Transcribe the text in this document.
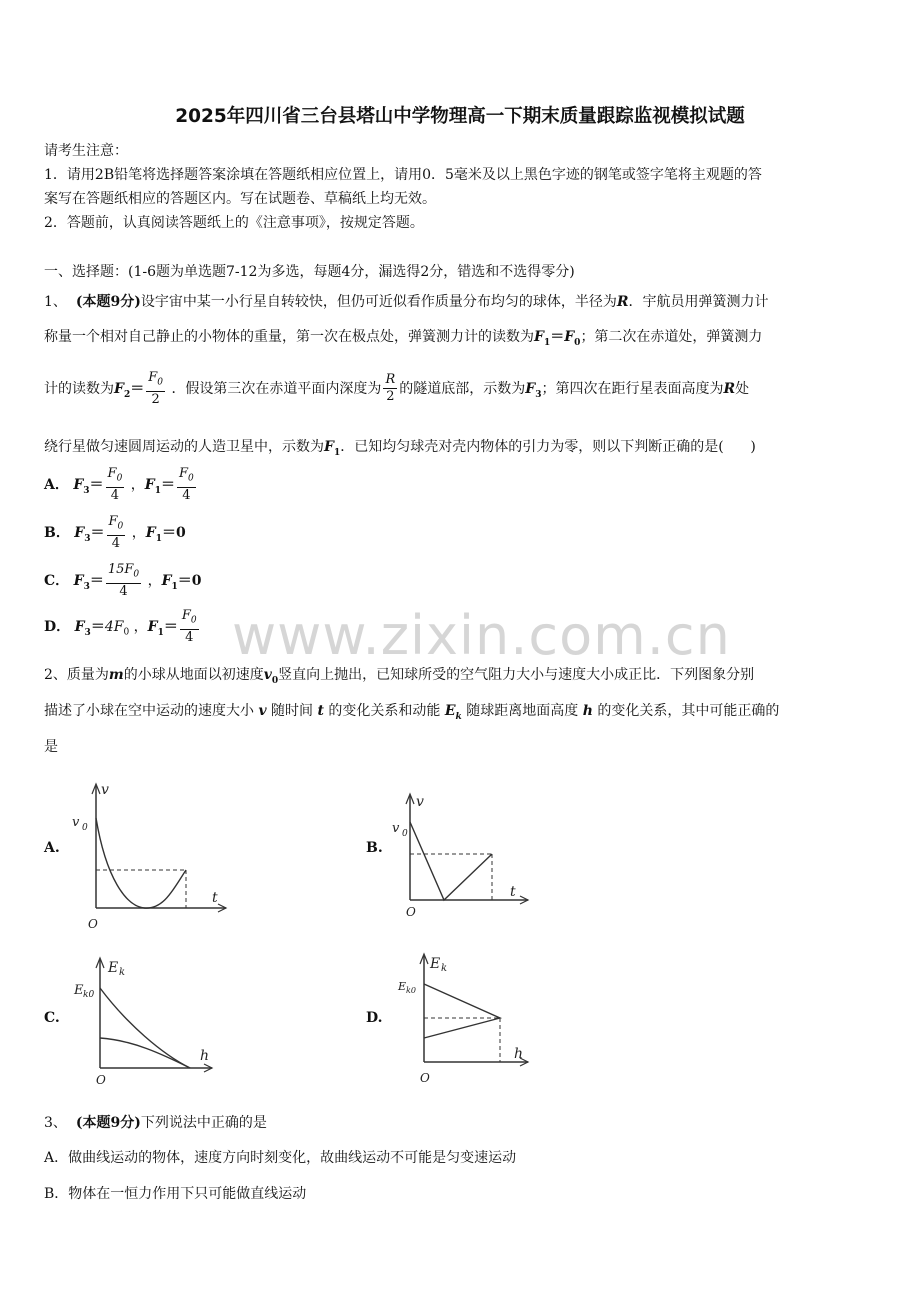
2025年四川省三台县塔山中学物理高一下期末质量跟踪监视模拟试题
请考生注意：
1．请用2B铅笔将选择题答案涂填在答题纸相应位置上，请用0．5毫米及以上黑色字迹的钢笔或签字笔将主观题的答
案写在答题纸相应的答题区内。写在试题卷、草稿纸上均无效。
2．答题前，认真阅读答题纸上的《注意事项》，按规定答题。
一、选择题：(1-6题为单选题7-12为多选，每题4分，漏选得2分，错选和不选得零分)
1、 (本题9分)设宇宙中某一小行星自转较快，但仍可近似看作质量分布均匀的球体，半径为R．宇航员用弹簧测力计
称量一个相对自己静止的小物体的重量，第一次在极点处，弹簧测力计的读数为$F_1=F_0$；第二次在赤道处，弹簧测力
计的读数为$F_2= \frac{F_0}{2}$ ．假设第三次在赤道平面内深度为 $\frac{R}{2}$ 的隧道底部，示数为$F_3$；第四次在距行星表面高度为R处
绕行星做匀速圆周运动的人造卫星中，示数为$F_1$．已知均匀球壳对壳内物体的引力为零，则以下判断正确的是( )
A． $F_3= \frac{F_0}{4}$ ，$F_1= \frac{F_0}{4}$
B． $F_3= \frac{F_0}{4}$ ，$F_1=0$
C． $F_3= \frac{15F_0}{4}$ ，$F_1=0$
D． $F_3=4F_0$ ，$F_1= \frac{F_0}{4}$ www.zixin.com.cn
2、质量为m的小球从地面以初速度$v_0$竖直向上抛出，已知球所受的空气阻力大小与速度大小成正比．下列图象分别
描述了小球在空中运动的速度大小 v 随时间 t 的变化关系和动能 $E_k$ 随球距离地面高度 h 的变化关系，其中可能正确的
是
A.
v
v 0
O
t
B.
v
v 0
O
t
C.
E k
E k0
O
h
D.
E k
E k0
O
h
3、 (本题9分)下列说法中正确的是
A．做曲线运动的物体，速度方向时刻变化，故曲线运动不可能是匀变速运动
B．物体在一恒力作用下只可能做直线运动
